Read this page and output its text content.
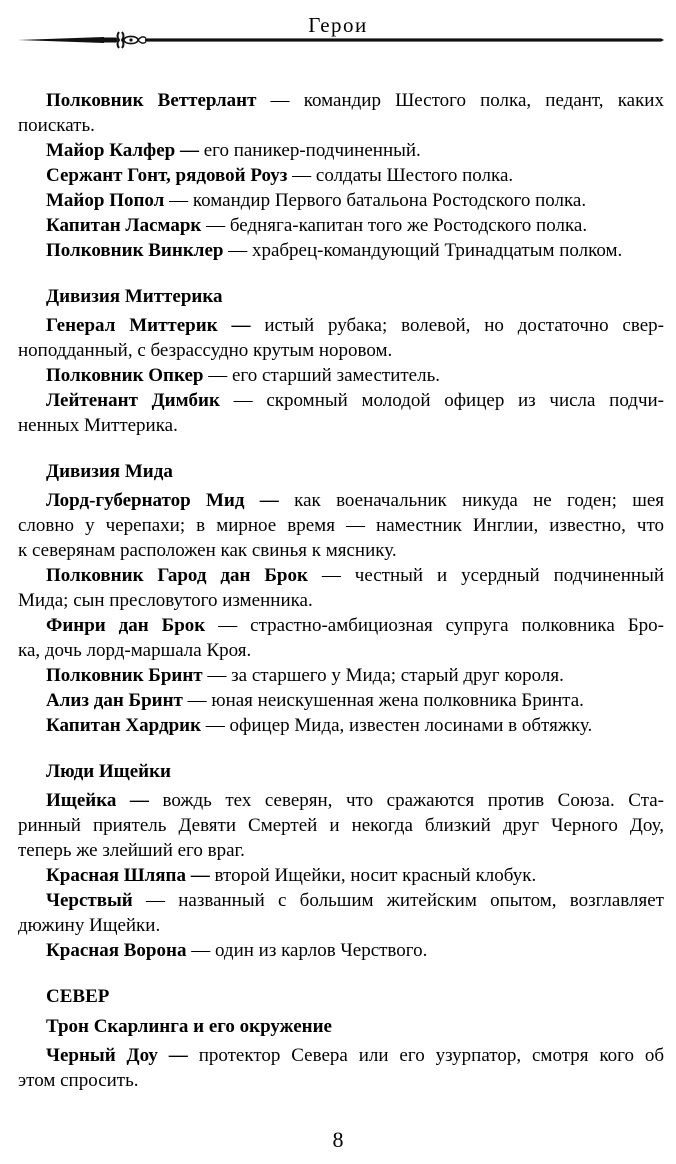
Герои
Полковник Веттерлант — командир Шестого полка, педант, каких
поискать.
Майор Калфер — его паникер-подчиненный.
Сержант Гонт, рядовой Роуз — солдаты Шестого полка.
Майор Попол — командир Первого батальона Ростодского полка.
Капитан Ласмарк — бедняга-капитан того же Ростодского полка.
Полковник Винклер — храбрец-командующий Тринадцатым полком.
Дивизия Миттерика
Генерал Миттерик — истый рубака; волевой, но достаточно свер-
ноподданный, с безрассудно крутым норовом.
Полковник Опкер — его старший заместитель.
Лейтенант Димбик — скромный молодой офицер из числа подчи-
ненных Миттерика.
Дивизия Мида
Лорд-губернатор Мид — как военачальник никуда не годен; шея
словно у черепахи; в мирное время — наместник Инглии, известно, что
к северянам расположен как свинья к мяснику.
Полковник Гарод дан Брок — честный и усердный подчиненный
Мида; сын пресловутого изменника.
Финри дан Брок — страстно-амбициозная супруга полковника Бро-
ка, дочь лорд-маршала Кроя.
Полковник Бринт — за старшего у Мида; старый друг короля.
Ализ дан Бринт — юная неискушенная жена полковника Бринта.
Капитан Хардрик — офицер Мида, известен лосинами в обтяжку.
Люди Ищейки
Ищейка — вождь тех северян, что сражаются против Союза. Ста-
ринный приятель Девяти Смертей и некогда близкий друг Черного Доу,
теперь же злейший его враг.
Красная Шляпа — второй Ищейки, носит красный клобук.
Черствый — названный с большим житейским опытом, возглавляет
дюжину Ищейки.
Красная Ворона — один из карлов Черствого.
СЕВЕР
Трон Скарлинга и его окружение
Черный Доу — протектор Севера или его узурпатор, смотря кого об
этом спросить.
8
